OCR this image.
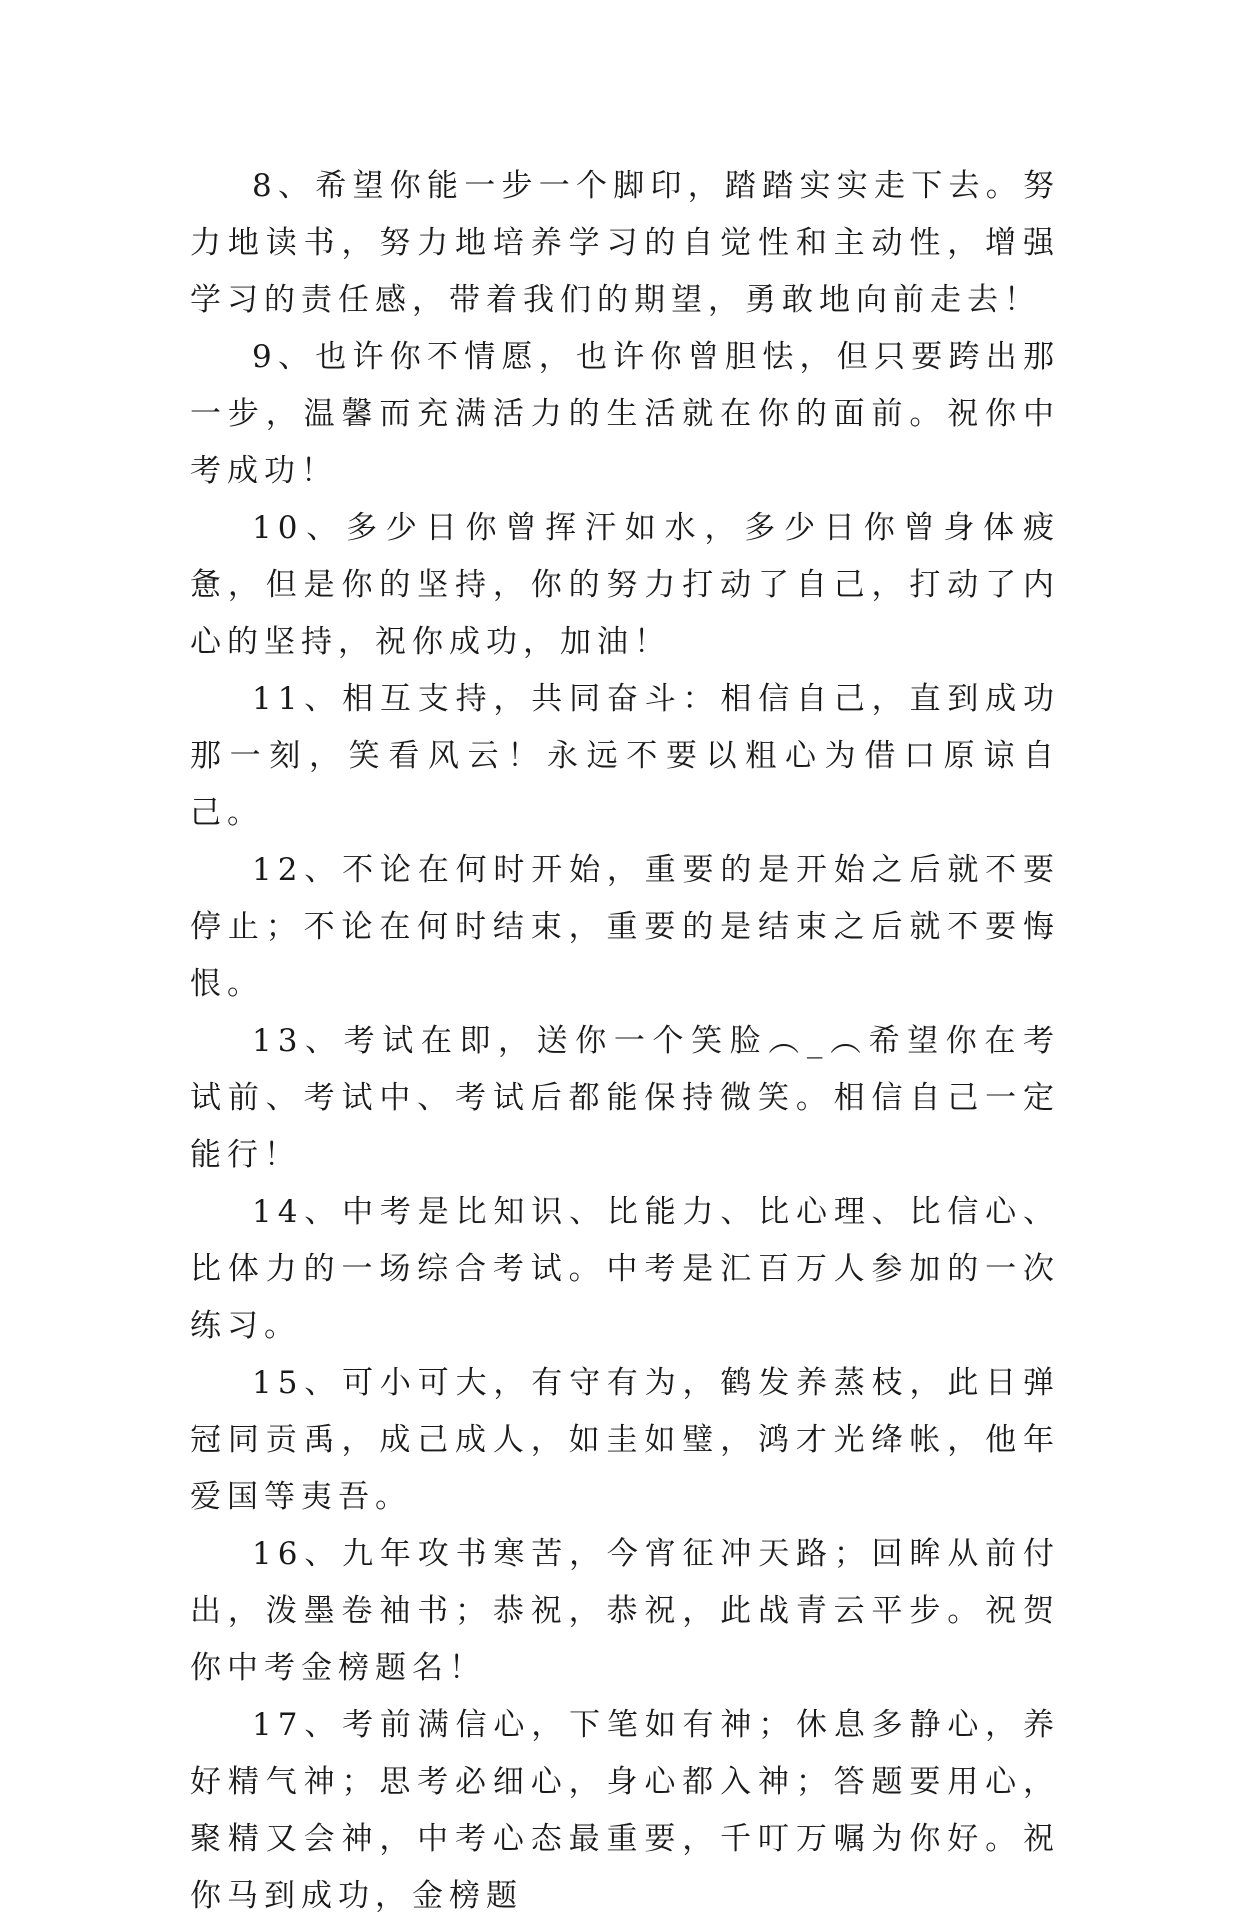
8、希望你能一步一个脚印，踏踏实实走下去。努力地读书，努力地培养学习的自觉性和主动性，增强学习的责任感，带着我们的期望，勇敢地向前走去！

9、也许你不情愿，也许你曾胆怯，但只要跨出那一步，温馨而充满活力的生活就在你的面前。祝你中考成功！

10、多少日你曾挥汗如水，多少日你曾身体疲惫，但是你的坚持，你的努力打动了自己，打动了内心的坚持，祝你成功，加油！

11、相互支持，共同奋斗：相信自己，直到成功那一刻，笑看风云！永远不要以粗心为借口原谅自己。

12、不论在何时开始，重要的是开始之后就不要停止；不论在何时结束，重要的是结束之后就不要悔恨。

13、考试在即，送你一个笑脸︵_︵希望你在考试前、考试中、考试后都能保持微笑。相信自己一定能行！

14、中考是比知识、比能力、比心理、比信心、比体力的一场综合考试。中考是汇百万人参加的一次练习。

15、可小可大，有守有为，鹤发养蒸枝，此日弹冠同贡禹，成己成人，如圭如璧，鸿才光绛帐，他年爱国等夷吾。

16、九年攻书寒苦，今宵征冲天路；回眸从前付出，泼墨卷袖书；恭祝，恭祝，此战青云平步。祝贺你中考金榜题名！

17、考前满信心，下笔如有神；休息多静心，养好精气神；思考必细心，身心都入神；答题要用心，聚精又会神，中考心态最重要，千叮万嘱为你好。祝你马到成功，金榜题
